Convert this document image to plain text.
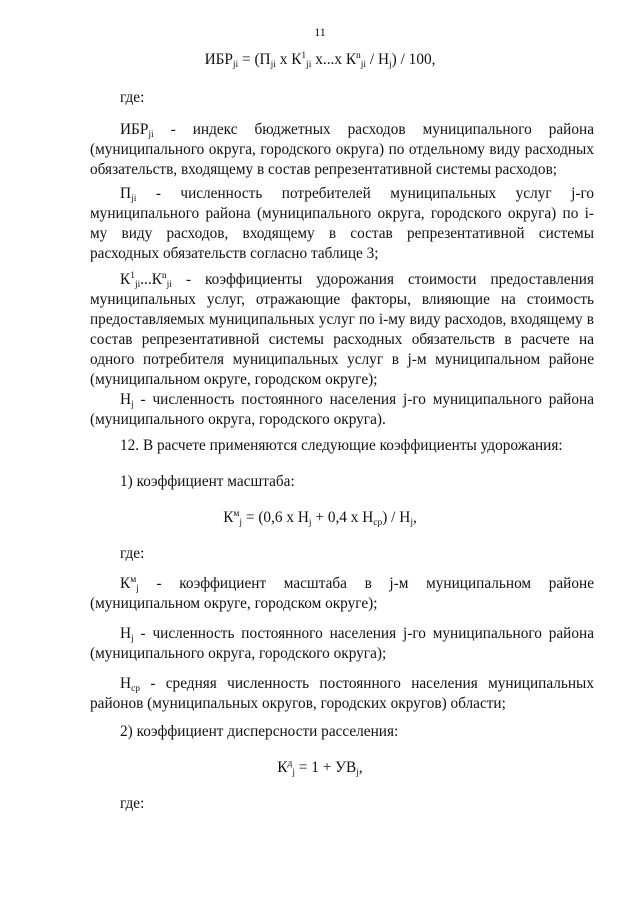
11
$ИБР_{ji} = (П_{ji}$ х $К^1_{ji}$ х...х $К^n_{ji} / Н_j) / 100$,
где:
$ИБР_{ji}$ - индекс бюджетных расходов муниципального района (муниципального округа, городского округа) по отдельному виду расходных обязательств, входящему в состав репрезентативной системы расходов;
$П_{ji}$ - численность потребителей муниципальных услуг j-го муниципального района (муниципального округа, городского округа) по i-му виду расходов, входящему в состав репрезентативной системы расходных обязательств согласно таблице 3;
$К^1_{ji}...К^n_{ji}$ - коэффициенты удорожания стоимости предоставления муниципальных услуг, отражающие факторы, влияющие на стоимость предоставляемых муниципальных услуг по i-му виду расходов, входящему в состав репрезентативной системы расходных обязательств в расчете на одного потребителя муниципальных услуг в j-м муниципальном районе (муниципальном округе, городском округе);
$Н_j$ - численность постоянного населения j-го муниципального района (муниципального округа, городского округа).
12. В расчете применяются следующие коэффициенты удорожания:
1) коэффициент масштаба:
$К^м_j = (0,6$ х $Н_j + 0,4$ х $Н_{ср}) / Н_j$,
где:
$К^м_j$ - коэффициент масштаба в j-м муниципальном районе (муниципальном округе, городском округе);
$Н_j$ - численность постоянного населения j-го муниципального района (муниципального округа, городского округа);
$Н_{ср}$ - средняя численность постоянного населения муниципальных районов (муниципальных округов, городских округов) области;
2) коэффициент дисперсности расселения:
$К^д_j = 1 + УВ_j$,
где:
